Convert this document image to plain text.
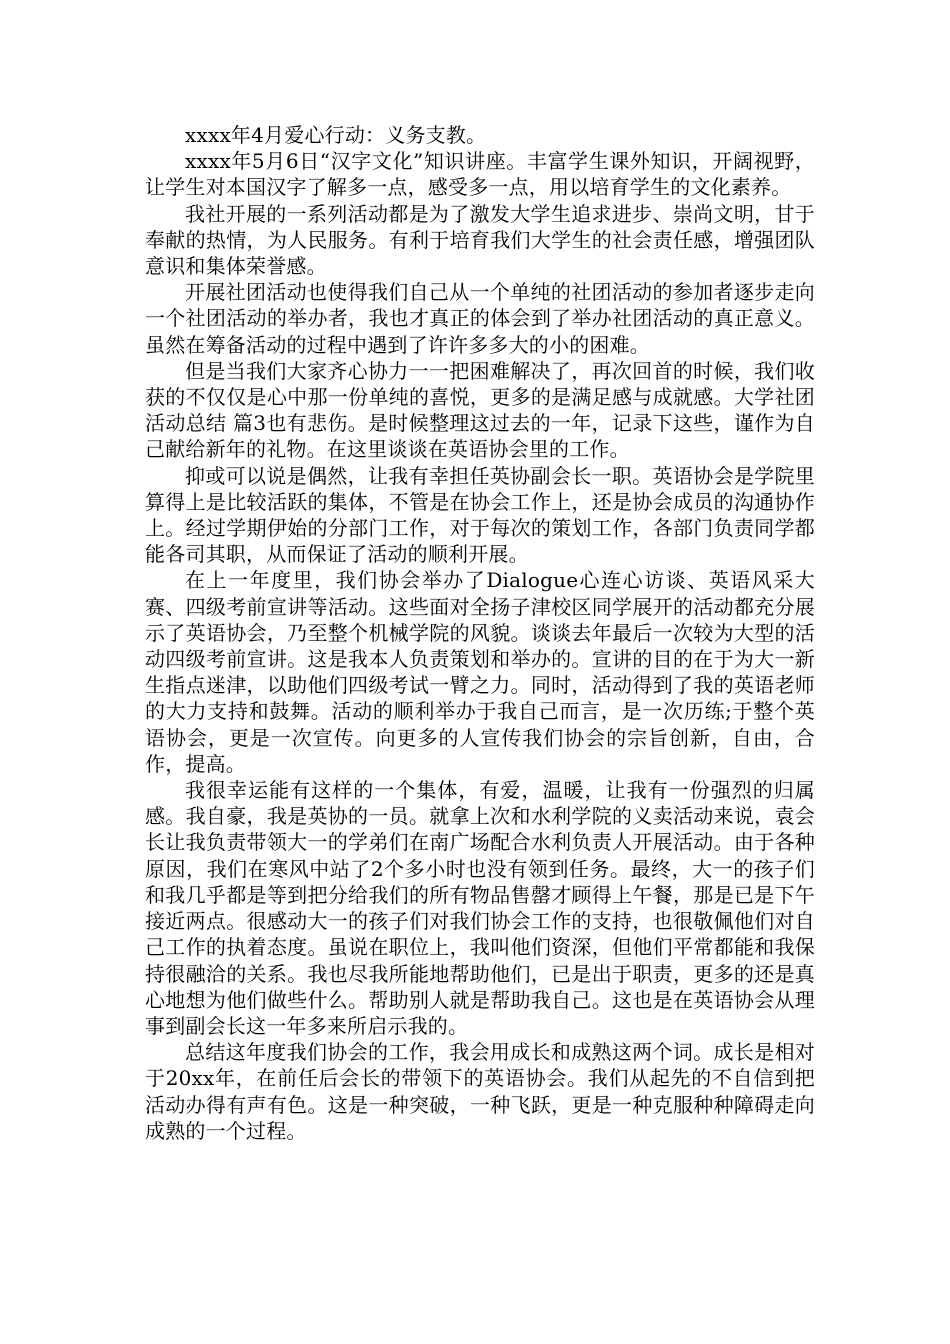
xxxx年4月爱心行动：义务支教。

xxxx年5月6日“汉字文化”知识讲座。丰富学生课外知识，开阔视野，让学生对本国汉字了解多一点，感受多一点，用以培育学生的文化素养。

我社开展的一系列活动都是为了激发大学生追求进步、崇尚文明，甘于奉献的热情，为人民服务。有利于培育我们大学生的社会责任感，增强团队意识和集体荣誉感。

开展社团活动也使得我们自己从一个单纯的社团活动的参加者逐步走向一个社团活动的举办者，我也才真正的体会到了举办社团活动的真正意义。虽然在筹备活动的过程中遇到了许许多多大的小的困难。

但是当我们大家齐心协力一一把困难解决了，再次回首的时候，我们收获的不仅仅是心中那一份单纯的喜悦，更多的是满足感与成就感。大学社团活动总结 篇3也有悲伤。是时候整理这过去的一年，记录下这些，谨作为自己献给新年的礼物。在这里谈谈在英语协会里的工作。

抑或可以说是偶然，让我有幸担任英协副会长一职。英语协会是学院里算得上是比较活跃的集体，不管是在协会工作上，还是协会成员的沟通协作上。经过学期伊始的分部门工作，对于每次的策划工作，各部门负责同学都能各司其职，从而保证了活动的顺利开展。

在上一年度里，我们协会举办了Dialogue心连心访谈、英语风采大赛、四级考前宣讲等活动。这些面对全扬子津校区同学展开的活动都充分展示了英语协会，乃至整个机械学院的风貌。谈谈去年最后一次较为大型的活动四级考前宣讲。这是我本人负责策划和举办的。宣讲的目的在于为大一新生指点迷津，以助他们四级考试一臂之力。同时，活动得到了我的英语老师的大力支持和鼓舞。活动的顺利举办于我自己而言，是一次历练;于整个英语协会，更是一次宣传。向更多的人宣传我们协会的宗旨创新，自由，合作，提高。

我很幸运能有这样的一个集体，有爱，温暖，让我有一份强烈的归属感。我自豪，我是英协的一员。就拿上次和水利学院的义卖活动来说，袁会长让我负责带领大一的学弟们在南广场配合水利负责人开展活动。由于各种原因，我们在寒风中站了2个多小时也没有领到任务。最终，大一的孩子们和我几乎都是等到把分给我们的所有物品售罄才顾得上午餐，那是已是下午接近两点。很感动大一的孩子们对我们协会工作的支持，也很敬佩他们对自己工作的执着态度。虽说在职位上，我叫他们资深，但他们平常都能和我保持很融洽的关系。我也尽我所能地帮助他们，已是出于职责，更多的还是真心地想为他们做些什么。帮助别人就是帮助我自己。这也是在英语协会从理事到副会长这一年多来所启示我的。

总结这年度我们协会的工作，我会用成长和成熟这两个词。成长是相对于20xx年，在前任后会长的带领下的英语协会。我们从起先的不自信到把活动办得有声有色。这是一种突破，一种飞跃，更是一种克服种种障碍走向成熟的一个过程。
